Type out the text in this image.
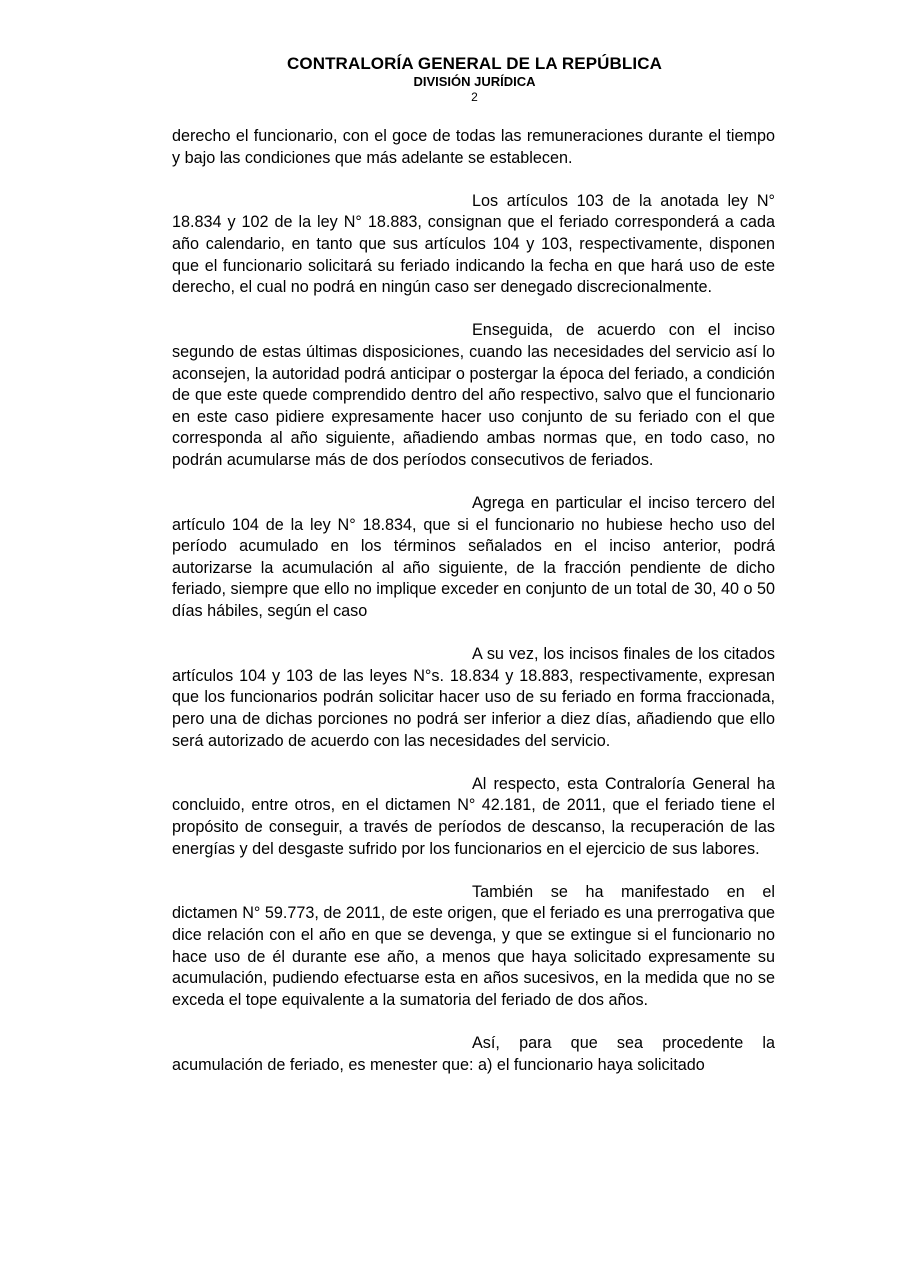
CONTRALORÍA GENERAL DE LA REPÚBLICA
DIVISIÓN JURÍDICA
2

derecho el funcionario, con el goce de todas las remuneraciones durante el tiempo y bajo las condiciones que más adelante se establecen.

Los artículos 103 de la anotada ley N° 18.834 y 102 de la ley N° 18.883, consignan que el feriado corresponderá a cada año calendario, en tanto que sus artículos 104 y 103, respectivamente, disponen que el funcionario solicitará su feriado indicando la fecha en que hará uso de este derecho, el cual no podrá en ningún caso ser denegado discrecionalmente.

Enseguida, de acuerdo con el inciso segundo de estas últimas disposiciones, cuando las necesidades del servicio así lo aconsejen, la autoridad podrá anticipar o postergar la época del feriado, a condición de que este quede comprendido dentro del año respectivo, salvo que el funcionario en este caso pidiere expresamente hacer uso conjunto de su feriado con el que corresponda al año siguiente, añadiendo ambas normas que, en todo caso, no podrán acumularse más de dos períodos consecutivos de feriados.

Agrega en particular el inciso tercero del artículo 104 de la ley N° 18.834, que si el funcionario no hubiese hecho uso del período acumulado en los términos señalados en el inciso anterior, podrá autorizarse la acumulación al año siguiente, de la fracción pendiente de dicho feriado, siempre que ello no implique exceder en conjunto de un total de 30, 40 o 50 días hábiles, según el caso

A su vez, los incisos finales de los citados artículos 104 y 103 de las leyes N°s. 18.834 y 18.883, respectivamente, expresan que los funcionarios podrán solicitar hacer uso de su feriado en forma fraccionada, pero una de dichas porciones no podrá ser inferior a diez días, añadiendo que ello será autorizado de acuerdo con las necesidades del servicio.

Al respecto, esta Contraloría General ha concluido, entre otros, en el dictamen N° 42.181, de 2011, que el feriado tiene el propósito de conseguir, a través de períodos de descanso, la recuperación de las energías y del desgaste sufrido por los funcionarios en el ejercicio de sus labores.

También se ha manifestado en el dictamen N° 59.773, de 2011, de este origen, que el feriado es una prerrogativa que dice relación con el año en que se devenga, y que se extingue si el funcionario no hace uso de él durante ese año, a menos que haya solicitado expresamente su acumulación, pudiendo efectuarse esta en años sucesivos, en la medida que no se exceda el tope equivalente a la sumatoria del feriado de dos años.

Así, para que sea procedente la acumulación de feriado, es menester que: a) el funcionario haya solicitado
